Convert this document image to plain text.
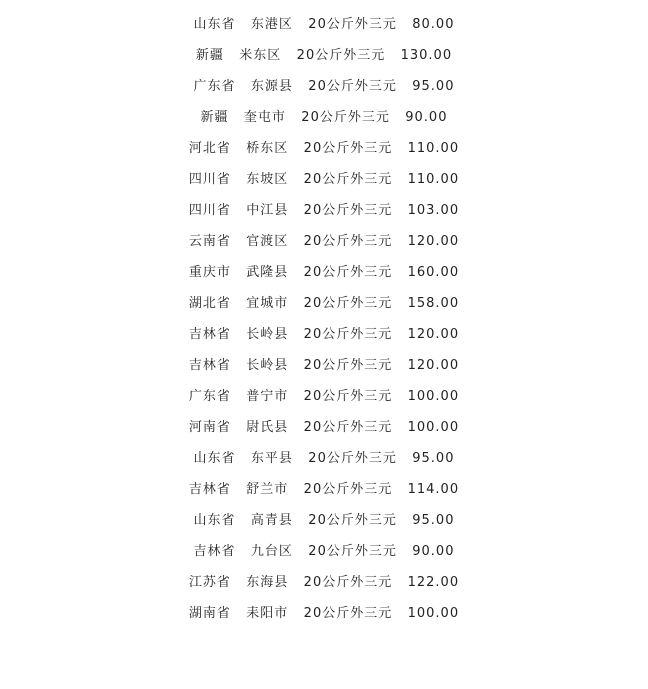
山东省   东港区   20公斤外三元   80.00
新疆   米东区   20公斤外三元   130.00
广东省   东源县   20公斤外三元   95.00
新疆   奎屯市   20公斤外三元   90.00
河北省   桥东区   20公斤外三元   110.00
四川省   东坡区   20公斤外三元   110.00
四川省   中江县   20公斤外三元   103.00
云南省   官渡区   20公斤外三元   120.00
重庆市   武隆县   20公斤外三元   160.00
湖北省   宜城市   20公斤外三元   158.00
吉林省   长岭县   20公斤外三元   120.00
吉林省   长岭县   20公斤外三元   120.00
广东省   普宁市   20公斤外三元   100.00
河南省   尉氏县   20公斤外三元   100.00
山东省   东平县   20公斤外三元   95.00
吉林省   舒兰市   20公斤外三元   114.00
山东省   高青县   20公斤外三元   95.00
吉林省   九台区   20公斤外三元   90.00
江苏省   东海县   20公斤外三元   122.00
湖南省   耒阳市   20公斤外三元   100.00
